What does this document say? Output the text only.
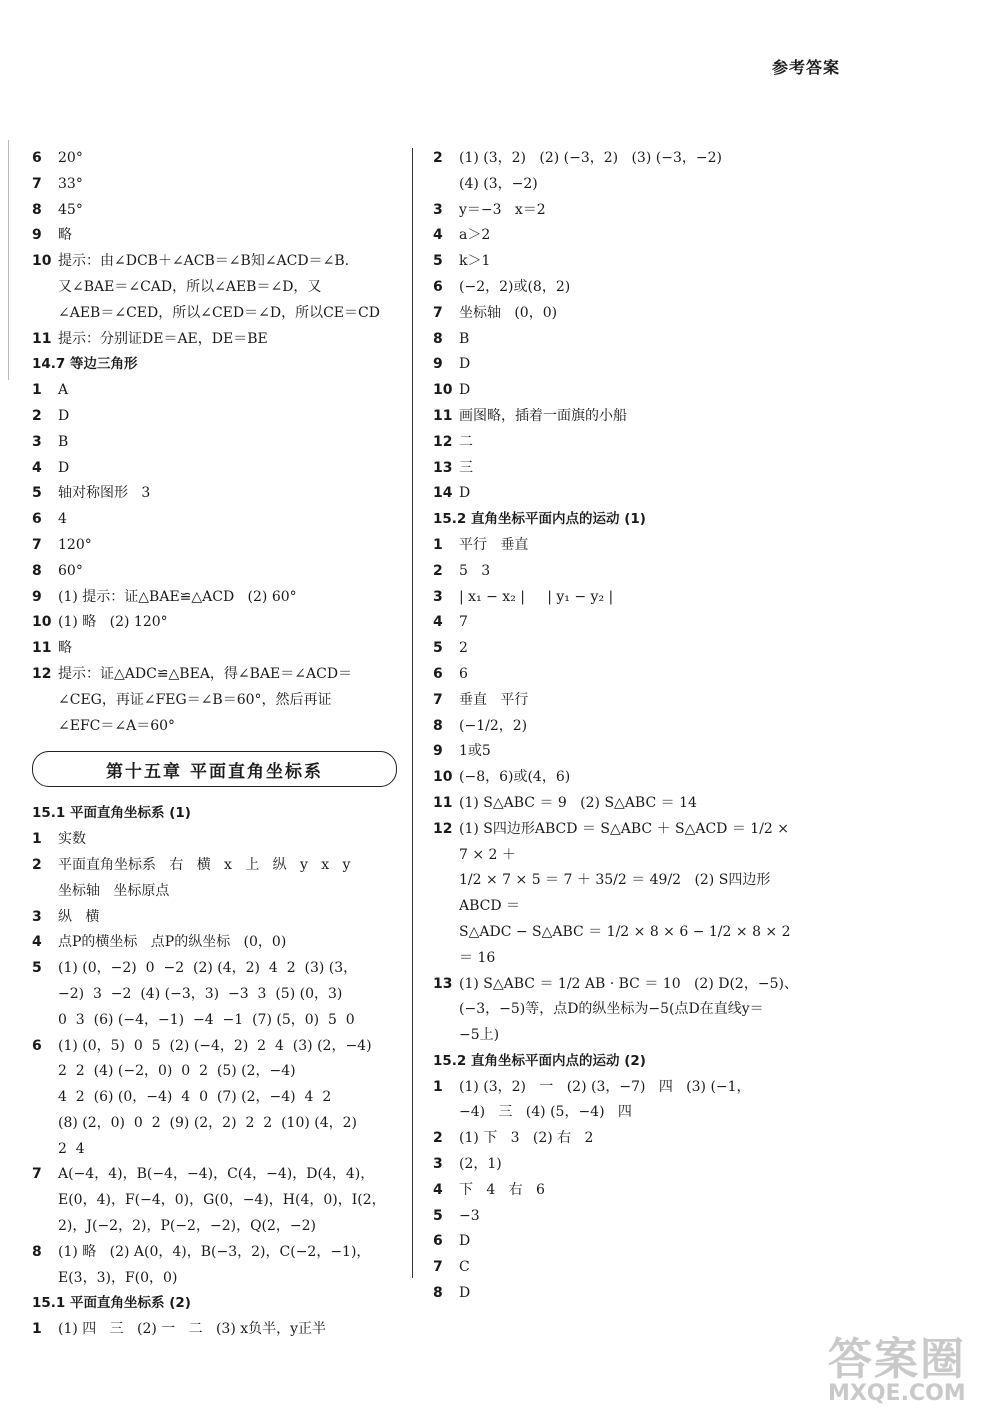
参考答案
6	20°
7	33°
8	45°
9	略
10 提示：由∠DCB＋∠ACB＝∠B知∠ACD＝∠B.
又∠BAE＝∠CAD，所以∠AEB＝∠D，又
∠AEB＝∠CED，所以∠CED＝∠D，所以CE＝CD
11 提示：分别证DE＝AE，DE＝BE
14.7 等边三角形
1	A
2	D
3	B
4	D
5	轴对称图形   3
6	4
7	120°
8	60°
9	(1) 提示：证△BAE≌△ACD   (2) 60°
10 (1) 略   (2) 120°
11 略
12 提示：证△ADC≌△BEA，得∠BAE＝∠ACD＝
∠CEG，再证∠FEG＝∠B＝60°，然后再证
∠EFC＝∠A＝60°
第十五章 平面直角坐标系
15.1 平面直角坐标系 (1)
1	实数
2	平面直角坐标系   右   横   x   上   纵   y   x   y
坐标轴   坐标原点
3	纵   横
4	点P的横坐标   点P的纵坐标   (0，0)
5	(1) (0，−2)  0  −2  (2) (4，2)  4  2  (3) (3，
−2)  3  −2  (4) (−3，3)  −3  3  (5) (0，3)
0  3  (6) (−4，−1)  −4  −1  (7) (5，0)  5  0
6	(1) (0，5)  0  5  (2) (−4，2)  2  4  (3) (2，−4)
2  2  (4) (−2，0)  0  2  (5) (2，−4)
4  2  (6) (0，−4)  4  0  (7) (2，−4)  4  2
(8) (2，0)  0  2  (9) (2，2)  2  2  (10) (4，2)
2  4
7	A(−4，4)，B(−4，−4)，C(4，−4)，D(4，4)，
E(0，4)，F(−4，0)，G(0，−4)，H(4，0)，I(2，
2)，J(−2，2)，P(−2，−2)，Q(2，−2)
8	(1) 略   (2) A(0，4)，B(−3，2)，C(−2，−1)，
E(3，3)，F(0，0)
15.1 平面直角坐标系 (2)
1	(1) 四   三   (2) 一   二   (3) x负半，y正半
2	(1) (3，2)   (2) (−3，2)   (3) (−3，−2)
(4) (3，−2)
3	y＝−3   x＝2
4	a＞2
5	k＞1
6	(−2，2)或(8，2)
7	坐标轴   (0，0)
8	B
9	D
10 D
11 画图略，插着一面旗的小船
12 二
13 三
14 D
15.2 直角坐标平面内点的运动 (1)
1	平行   垂直
2	5   3
3	| x₁ − x₂ |     | y₁ − y₂ |
4	7
5	2
6	6
7	垂直   平行
8	(−1/2，2)
9	1或5
10 (−8，6)或(4，6)
11 (1) S△ABC ＝ 9   (2) S△ABC ＝ 14
12 (1) S四边形ABCD ＝ S△ABC ＋ S△ACD ＝ 1/2 × 7 × 2 ＋
1/2 × 7 × 5 ＝ 7 ＋ 35/2 ＝ 49/2   (2) S四边形ABCD ＝
S△ADC − S△ABC ＝ 1/2 × 8 × 6 − 1/2 × 8 × 2 ＝ 16
13 (1) S△ABC ＝ 1/2 AB · BC ＝ 10   (2) D(2，−5)、
(−3，−5)等，点D的纵坐标为−5(点D在直线y＝
−5上)
15.2 直角坐标平面内点的运动 (2)
1	(1) (3，2)   一   (2) (3，−7)   四   (3) (−1，
−4)   三   (4) (5，−4)   四
2	(1) 下   3   (2) 右   2
3	(2，1)
4	下   4   右   6
5	−3
6	D
7	C
8	D
答案圈
MXQE.COM
